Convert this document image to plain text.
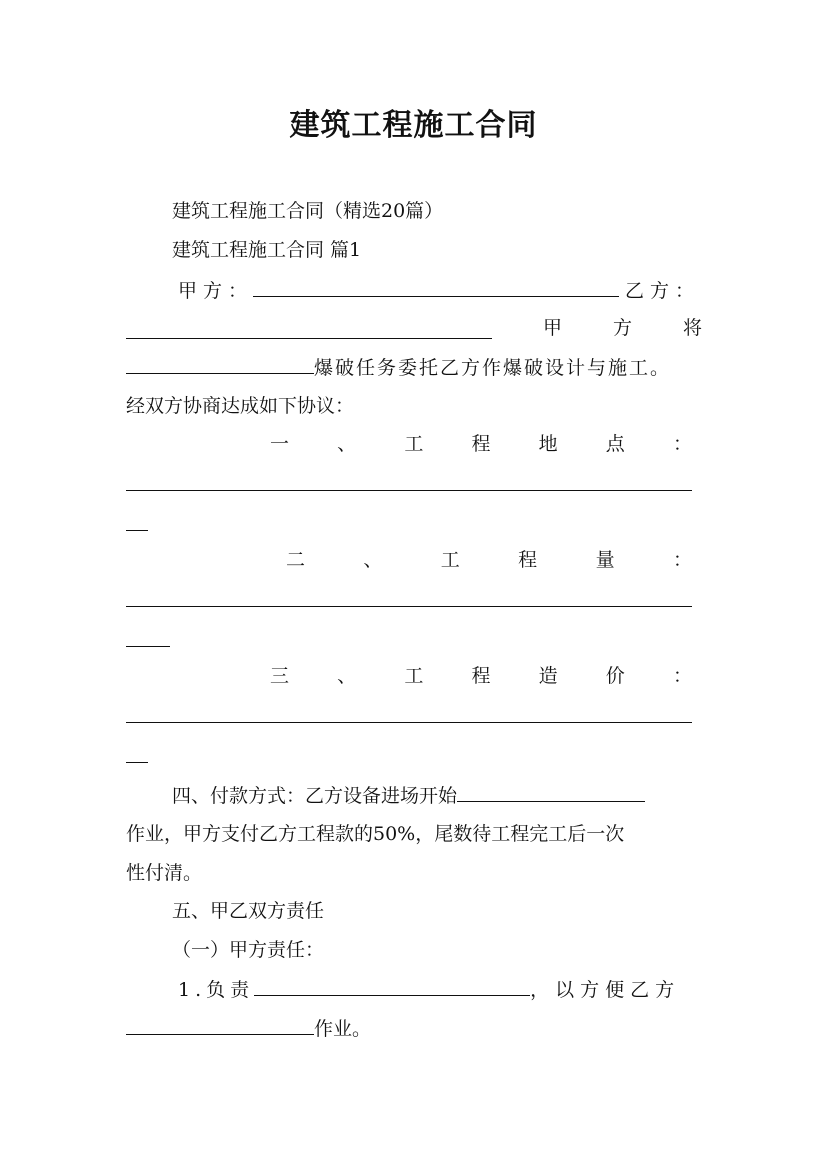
建筑工程施工合同
建筑工程施工合同（精选20篇）
建筑工程施工合同 篇1
甲方：	乙方：
甲	方	将
爆破任务委托乙方作爆破设计与施工。
经双方协商达成如下协议：
一	、	工	程	地	点	：
二	、	工	程	量	：
三	、	工	程	造	价	：
四、付款方式：乙方设备进场开始
作业，甲方支付乙方工程款的50%，尾数待工程完工后一次
性付清。
五、甲乙双方责任
（一）甲方责任：
1.负责	，以方便乙方
作业。
